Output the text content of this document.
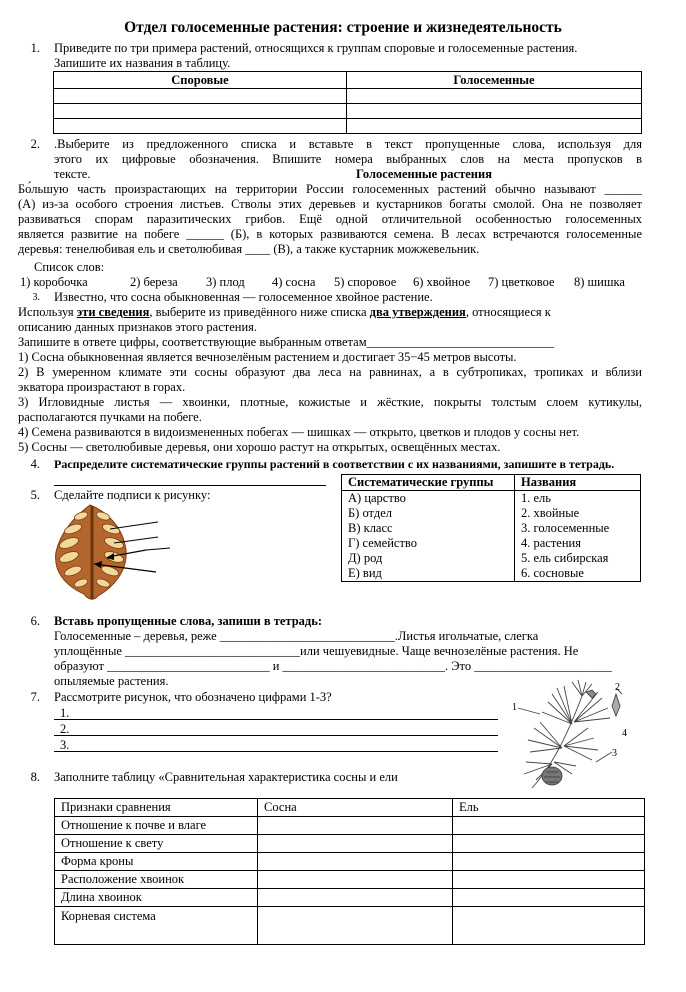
Отдел голосеменные растения: строение и жизнедеятельность
1. Приведите по три примера растений, относящихся к группам споровые и голосеменные растения.
Запишите их названия в таблицу.
Споровые	Голосеменные

2. .Выберите из предложенного списка и вставьте в текст пропущенные слова, используя для
этого их цифровые обозначения. Впишите номера выбранных слов на места пропусков в
тексте.	Голосеменные растения
Бо́льшую часть произрастающих на территории России голосеменных растений обычно называют ______
(А) из-за особого строения листьев. Стволы этих деревьев и кустарников богаты смолой. Она не позволяет
развиваться спорам паразитических грибов. Ещё одной отличительной особенностью голосеменных
является развитие на побеге ______ (Б), в которых развиваются семена. В лесах встречаются голосеменные
деревья: тенелюбивая ель и светолюбивая ____ (В), а также кустарник можжевельник.
Список слов:
1) коробочка	2) береза 3) плод 4) сосна 5) споровое 6) хвойное 7) цветковое 8) шишка
3. Известно, что сосна обыкновенная — голосеменное хвойное растение.
Используя эти сведения, выберите из приведённого ниже списка два утверждения, относящиеся к
описанию данных признаков этого растения.
Запишите в ответе цифры, соответствующие выбранным ответам______________________________
1) Сосна обыкновенная является вечнозелёным растением и достигает 35−45 метров высоты.
2) В умеренном климате эти сосны образуют два леса на равнинах, а в субтропиках, тропиках и вблизи
экватора произрастают в горах.
3) Игловидные листья — хвоинки, плотные, кожистые и жёсткие, покрыты толстым слоем кутикулы,
располагаются пучками на побеге.
4) Семена развиваются в видоизмененных побегах — шишках — открыто, цветков и плодов у сосны нет.
5) Сосны — светолюбивые деревья, они хорошо растут на открытых, освещённых местах.
4. Распределите систематические группы растений в соответствии с их названиями, запишите в тетрадь.
5. Сделайте подписи к рисунку:
Систематические группы	Названия
А) царство	1. ель
Б) отдел	2. хвойные
В) класс	3. голосеменные
Г) семейство	4. растения
Д) род	5. ель сибирская
Е) вид	6. сосновые
6. Вставь пропущенные слова, запиши в тетрадь:
Голосеменные – деревья, реже ____________________________.Листья игольчатые, слегка
уплощённые ____________________________или чешуевидные. Чаще вечнозелёные растения. Не
образуют __________________________ и __________________________. Это ______________________
опыляемые растения.
7. Рассмотрите рисунок, что обозначено цифрами 1-3?
1.
2.
3.
2
1
4
3
8. Заполните таблицу «Сравнительная характеристика сосны и ели
Признаки сравнения	Сосна	Ель
Отношение к почве и влаге		
Отношение к свету		
Форма кроны		
Расположение хвоинок		
Длина хвоинок		
Корневая система		
